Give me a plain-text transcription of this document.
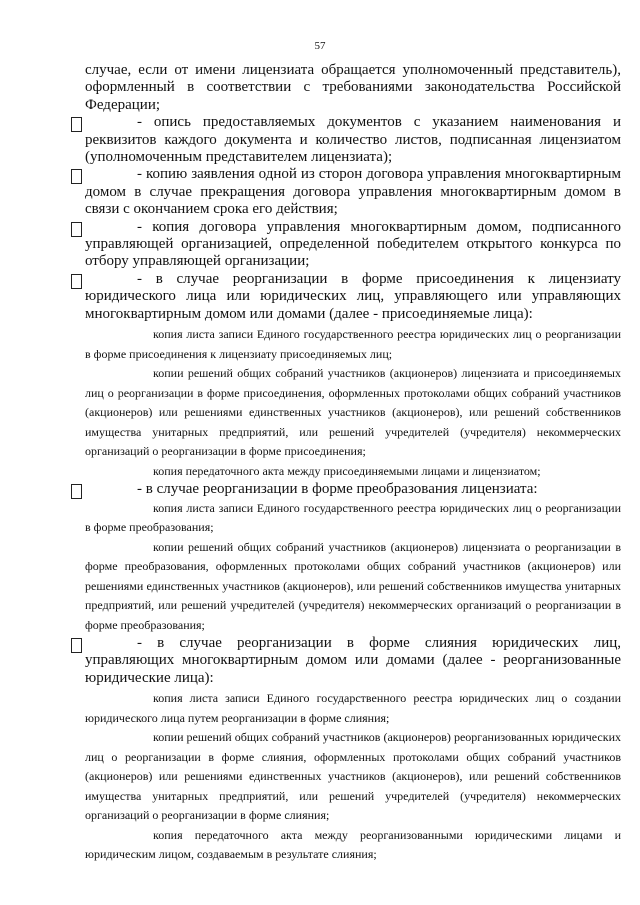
57

случае, если от имени лицензиата обращается уполномоченный представитель), оформленный в соответствии с требованиями законодательства Российской Федерации;

- опись предоставляемых документов с указанием наименования и реквизитов каждого документа и количество листов, подписанная лицензиатом (уполномоченным представителем лицензиата);

- копию заявления одной из сторон договора управления многоквартирным домом в случае прекращения договора управления многоквартирным домом в связи с окончанием срока его действия;

- копия договора управления многоквартирным домом, подписанного управляющей организацией, определенной победителем открытого конкурса по отбору управляющей организации;

- в случае реорганизации в форме присоединения к лицензиату юридического лица или юридических лиц, управляющего или управляющих многоквартирным домом или домами (далее - присоединяемые лица):

копия листа записи Единого государственного реестра юридических лиц о реорганизации в форме присоединения к лицензиату присоединяемых лиц;

копии решений общих собраний участников (акционеров) лицензиата и присоединяемых лиц о реорганизации в форме присоединения, оформленных протоколами общих собраний участников (акционеров) или решениями единственных участников (акционеров), или решений собственников имущества унитарных предприятий, или решений учредителей (учредителя) некоммерческих организаций о реорганизации в форме присоединения;

копия передаточного акта между присоединяемыми лицами и лицензиатом;

- в случае реорганизации в форме преобразования лицензиата:

копия листа записи Единого государственного реестра юридических лиц о реорганизации в форме преобразования;

копии решений общих собраний участников (акционеров) лицензиата о реорганизации в форме преобразования, оформленных протоколами общих собраний участников (акционеров) или решениями единственных участников (акционеров), или решений собственников имущества унитарных предприятий, или решений учредителей (учредителя) некоммерческих организаций о реорганизации в форме преобразования;

- в случае реорганизации в форме слияния юридических лиц, управляющих многоквартирным домом или домами (далее - реорганизованные юридические лица):

копия листа записи Единого государственного реестра юридических лиц о создании юридического лица путем реорганизации в форме слияния;

копии решений общих собраний участников (акционеров) реорганизованных юридических лиц о реорганизации в форме слияния, оформленных протоколами общих собраний участников (акционеров) или решениями единственных участников (акционеров), или решений собственников имущества унитарных предприятий, или решений учредителей (учредителя) некоммерческих организаций о реорганизации в форме слияния;

копия передаточного акта между реорганизованными юридическими лицами и юридическим лицом, создаваемым в результате слияния;
